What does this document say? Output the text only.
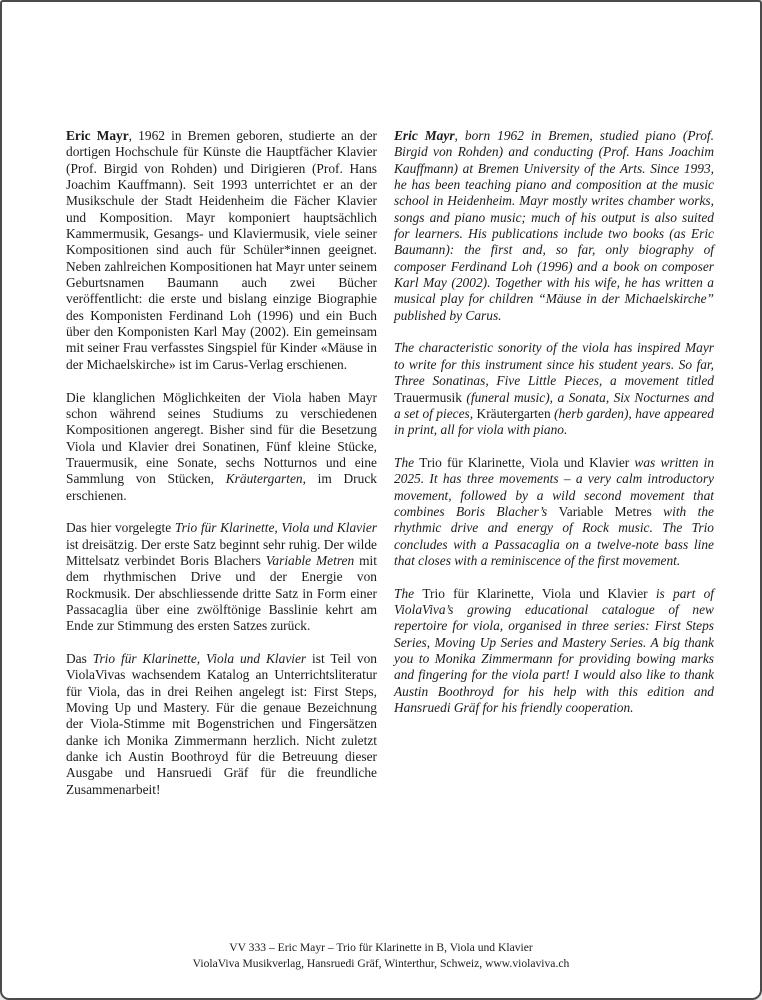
Eric Mayr, 1962 in Bremen geboren, studierte an der dortigen Hochschule für Künste die Hauptfächer Klavier (Prof. Birgid von Rohden) und Dirigieren (Prof. Hans Joachim Kauffmann). Seit 1993 unterrichtet er an der Musikschule der Stadt Heidenheim die Fächer Klavier und Komposition. Mayr komponiert hauptsächlich Kammermusik, Gesangs- und Klaviermusik, viele seiner Kompositionen sind auch für Schüler*innen geeignet. Neben zahlreichen Kompositionen hat Mayr unter seinem Geburtsnamen Baumann auch zwei Bücher veröffentlicht: die erste und bislang einzige Biographie des Komponisten Ferdinand Loh (1996) und ein Buch über den Komponisten Karl May (2002). Ein gemeinsam mit seiner Frau verfasstes Singspiel für Kinder «Mäuse in der Michaelskirche» ist im Carus-Verlag erschienen.

Die klanglichen Möglichkeiten der Viola haben Mayr schon während seines Studiums zu verschiedenen Kompositionen angeregt. Bisher sind für die Besetzung Viola und Klavier drei Sonatinen, Fünf kleine Stücke, Trauermusik, eine Sonate, sechs Notturnos und eine Sammlung von Stücken, Kräutergarten, im Druck erschienen.

Das hier vorgelegte Trio für Klarinette, Viola und Klavier ist dreisätzig. Der erste Satz beginnt sehr ruhig. Der wilde Mittelsatz verbindet Boris Blachers Variable Metren mit dem rhythmischen Drive und der Energie von Rockmusik. Der abschliessende dritte Satz in Form einer Passacaglia über eine zwölftönige Basslinie kehrt am Ende zur Stimmung des ersten Satzes zurück.

Das Trio für Klarinette, Viola und Klavier ist Teil von ViolaVivas wachsendem Katalog an Unterrichtsliteratur für Viola, das in drei Reihen angelegt ist: First Steps, Moving Up und Mastery. Für die genaue Bezeichnung der Viola-Stimme mit Bogenstrichen und Fingersätzen danke ich Monika Zimmermann herzlich. Nicht zuletzt danke ich Austin Boothroyd für die Betreuung dieser Ausgabe und Hansruedi Gräf für die freundliche Zusammenarbeit!

Eric Mayr, born 1962 in Bremen, studied piano (Prof. Birgid von Rohden) and conducting (Prof. Hans Joachim Kauffmann) at Bremen University of the Arts. Since 1993, he has been teaching piano and composition at the music school in Heidenheim. Mayr mostly writes chamber works, songs and piano music; much of his output is also suited for learners. His publications include two books (as Eric Baumann): the first and, so far, only biography of composer Ferdinand Loh (1996) and a book on composer Karl May (2002). Together with his wife, he has written a musical play for children “Mäuse in der Michaelskirche” published by Carus.

The characteristic sonority of the viola has inspired Mayr to write for this instrument since his student years. So far, Three Sonatinas, Five Little Pieces, a movement titled Trauermusik (funeral music), a Sonata, Six Nocturnes and a set of pieces, Kräutergarten (herb garden), have appeared in print, all for viola with piano.

The Trio für Klarinette, Viola und Klavier was written in 2025. It has three movements – a very calm introductory movement, followed by a wild second movement that combines Boris Blacher’s Variable Metres with the rhythmic drive and energy of Rock music. The Trio concludes with a Passacaglia on a twelve-note bass line that closes with a reminiscence of the first movement.

The Trio für Klarinette, Viola und Klavier is part of ViolaViva’s growing educational catalogue of new repertoire for viola, organised in three series: First Steps Series, Moving Up Series and Mastery Series. A big thank you to Monika Zimmermann for providing bowing marks and fingering for the viola part! I would also like to thank Austin Boothroyd for his help with this edition and Hansruedi Gräf for his friendly cooperation.

VV 333 – Eric Mayr – Trio für Klarinette in B, Viola und Klavier
ViolaViva Musikverlag, Hansruedi Gräf, Winterthur, Schweiz, www.violaviva.ch
